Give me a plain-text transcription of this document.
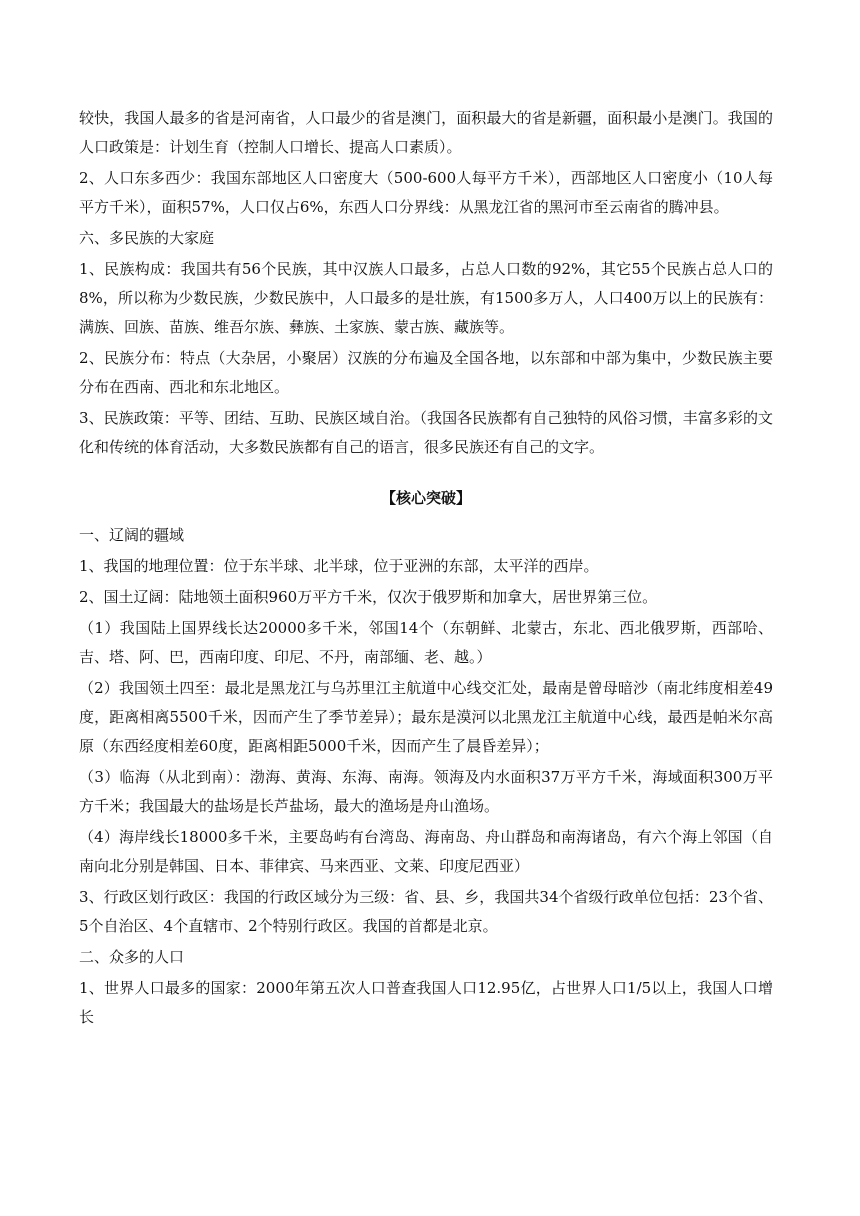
较快，我国人最多的省是河南省，人口最少的省是澳门，面积最大的省是新疆，面积最小是澳门。我国的人口政策是：计划生育（控制人口增长、提高人口素质）。

2、人口东多西少：我国东部地区人口密度大（500-600人每平方千米），西部地区人口密度小（10人每平方千米），面积57%，人口仅占6%，东西人口分界线：从黑龙江省的黑河市至云南省的腾冲县。

六、多民族的大家庭

1、民族构成：我国共有56个民族，其中汉族人口最多，占总人口数的92%，其它55个民族占总人口的8%，所以称为少数民族，少数民族中，人口最多的是壮族，有1500多万人，人口400万以上的民族有：满族、回族、苗族、维吾尔族、彝族、土家族、蒙古族、藏族等。

2、民族分布：特点（大杂居，小聚居）汉族的分布遍及全国各地，以东部和中部为集中，少数民族主要分布在西南、西北和东北地区。

3、民族政策：平等、团结、互助、民族区域自治。（我国各民族都有自己独特的风俗习惯，丰富多彩的文化和传统的体育活动，大多数民族都有自己的语言，很多民族还有自己的文字。

【核心突破】

一、辽阔的疆域

1、我国的地理位置：位于东半球、北半球，位于亚洲的东部，太平洋的西岸。

2、国土辽阔：陆地领土面积960万平方千米，仅次于俄罗斯和加拿大，居世界第三位。

（1）我国陆上国界线长达20000多千米，邻国14个（东朝鲜、北蒙古，东北、西北俄罗斯，西部哈、吉、塔、阿、巴，西南印度、印尼、不丹，南部缅、老、越。）

（2）我国领土四至：最北是黑龙江与乌苏里江主航道中心线交汇处，最南是曾母暗沙（南北纬度相差49度，距离相离5500千米，因而产生了季节差异）；最东是漠河以北黑龙江主航道中心线，最西是帕米尔高原（东西经度相差60度，距离相距5000千米，因而产生了晨昏差异）；

（3）临海（从北到南）：渤海、黄海、东海、南海。领海及内水面积37万平方千米，海域面积300万平方千米；我国最大的盐场是长芦盐场，最大的渔场是舟山渔场。

（4）海岸线长18000多千米，主要岛屿有台湾岛、海南岛、舟山群岛和南海诸岛，有六个海上邻国（自南向北分别是韩国、日本、菲律宾、马来西亚、文莱、印度尼西亚）

3、行政区划行政区：我国的行政区域分为三级：省、县、乡，我国共34个省级行政单位包括：23个省、5个自治区、4个直辖市、2个特别行政区。我国的首都是北京。

二、众多的人口

1、世界人口最多的国家：2000年第五次人口普查我国人口12.95亿，占世界人口1/5以上，我国人口增长
